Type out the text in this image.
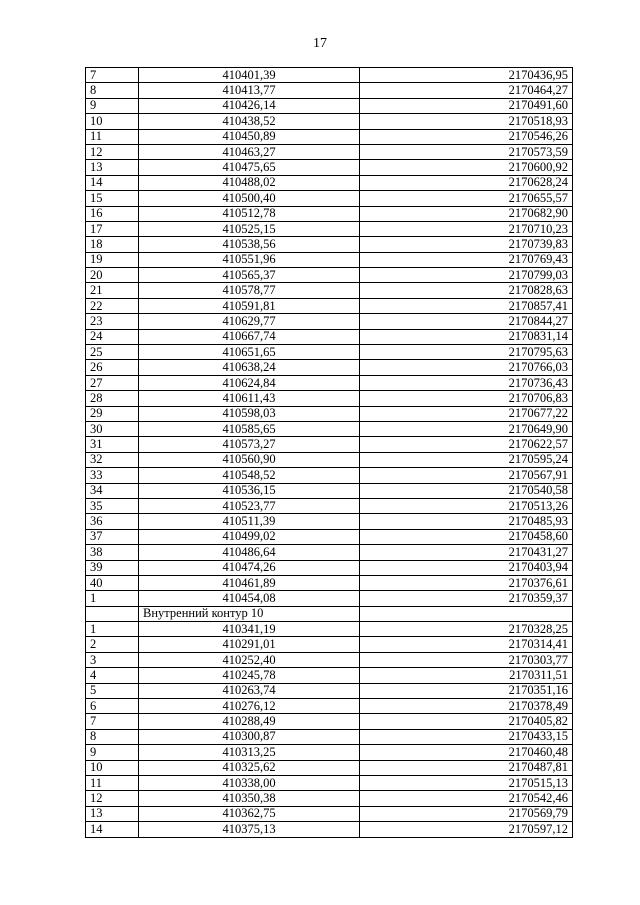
17
7	410401,39	2170436,95
8	410413,77	2170464,27
9	410426,14	2170491,60
10	410438,52	2170518,93
11	410450,89	2170546,26
12	410463,27	2170573,59
13	410475,65	2170600,92
14	410488,02	2170628,24
15	410500,40	2170655,57
16	410512,78	2170682,90
17	410525,15	2170710,23
18	410538,56	2170739,83
19	410551,96	2170769,43
20	410565,37	2170799,03
21	410578,77	2170828,63
22	410591,81	2170857,41
23	410629,77	2170844,27
24	410667,74	2170831,14
25	410651,65	2170795,63
26	410638,24	2170766,03
27	410624,84	2170736,43
28	410611,43	2170706,83
29	410598,03	2170677,22
30	410585,65	2170649,90
31	410573,27	2170622,57
32	410560,90	2170595,24
33	410548,52	2170567,91
34	410536,15	2170540,58
35	410523,77	2170513,26
36	410511,39	2170485,93
37	410499,02	2170458,60
38	410486,64	2170431,27
39	410474,26	2170403,94
40	410461,89	2170376,61
1	410454,08	2170359,37
	Внутренний контур 10	
1	410341,19	2170328,25
2	410291,01	2170314,41
3	410252,40	2170303,77
4	410245,78	2170311,51
5	410263,74	2170351,16
6	410276,12	2170378,49
7	410288,49	2170405,82
8	410300,87	2170433,15
9	410313,25	2170460,48
10	410325,62	2170487,81
11	410338,00	2170515,13
12	410350,38	2170542,46
13	410362,75	2170569,79
14	410375,13	2170597,12
